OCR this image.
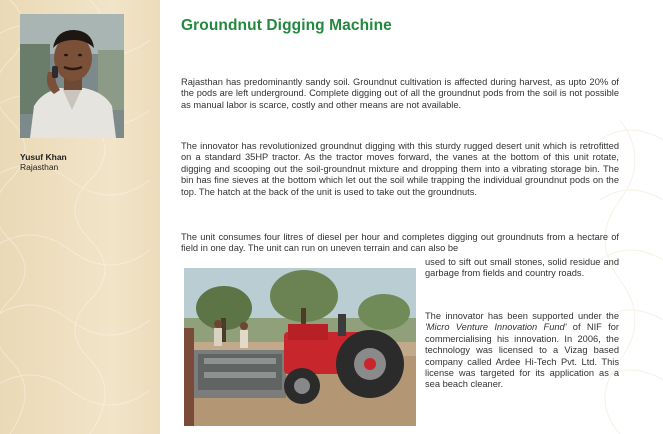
Yusuf Khan
Rajasthan
Groundnut Digging Machine

Rajasthan has predominantly sandy soil. Groundnut cultivation is affected during harvest, as upto 20% of the pods are left underground. Complete digging out of all the groundnut pods from the soil is not possible as manual labor is scarce, costly and other means are not available.

The innovator has revolutionized groundnut digging with this sturdy rugged desert unit which is retrofitted on a standard 35HP tractor. As the tractor moves forward, the vanes at the bottom of this unit rotate, digging and scooping out the soil-groundnut mixture and dropping them into a vibrating storage bin. The bin has fine sieves at the bottom which let out the soil while trapping the individual groundnut pods on the top. The hatch at the back of the unit is used to take out the groundnuts.

The unit consumes four litres of diesel per hour and completes digging out groundnuts from a hectare of field in one day. The unit can run on uneven terrain and can also be

used to sift out small stones, solid residue and garbage from fields and country roads.

The innovator has been supported under the 'Micro Venture Innovation Fund' of NIF for commercialising his innovation. In 2006, the technology was licensed to a Vizag based company called Ardee Hi-Tech Pvt. Ltd. This license was targeted for its application as a sea beach cleaner.
